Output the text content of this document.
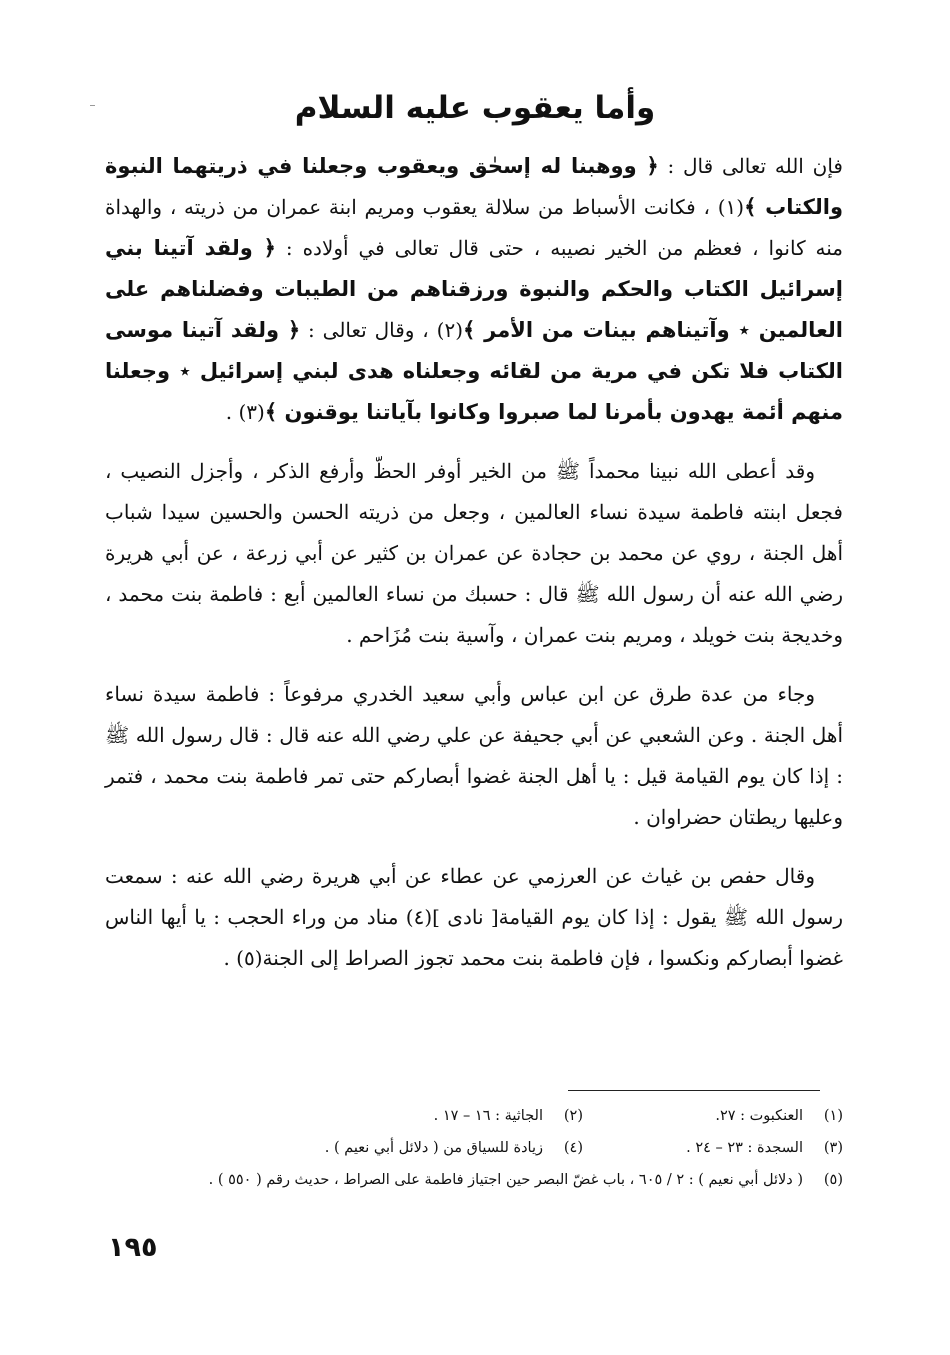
وأما يعقوب عليه السلام

فإن الله تعالى قال : ﴿ ووهبنا له إسحٰق ويعقوب وجعلنا في ذريتهما النبوة والكتاب ﴾(١) ، فكانت الأسباط من سلالة يعقوب ومريم ابنة عمران من ذريته ، والهداة منه كانوا ، فعظم من الخير نصيبه ، حتى قال تعالى في أولاده : ﴿ ولقد آتينا بني إسرائيل الكتاب والحكم والنبوة ورزقناهم من الطيبات وفضلناهم على العالمين ٭ وآتيناهم بينات من الأمر ﴾(٢) ، وقال تعالى : ﴿ ولقد آتينا موسى الكتاب فلا تكن في مرية من لقائه وجعلناه هدى لبني إسرائيل ٭ وجعلنا منهم أئمة يهدون بأمرنا لما صبروا وكانوا بآياتنا يوقنون ﴾(٣) .

وقد أعطى الله نبينا محمداً ﷺ من الخير أوفر الحظّ وأرفع الذكر ، وأجزل النصيب ، فجعل ابنته فاطمة سيدة نساء العالمين ، وجعل من ذريته الحسن والحسين سيدا شباب أهل الجنة ، روي عن محمد بن حجادة عن عمران بن كثير عن أبي زرعة ، عن أبي هريرة رضي الله عنه أن رسول الله ﷺ قال : حسبك من نساء العالمين أبع : فاطمة بنت محمد ، وخديجة بنت خويلد ، ومريم بنت عمران ، وآسية بنت مُزَاحم .

وجاء من عدة طرق عن ابن عباس وأبي سعيد الخدري مرفوعاً : فاطمة سيدة نساء أهل الجنة . وعن الشعبي عن أبي جحيفة عن علي رضي الله عنه قال : قال رسول الله ﷺ : إذا كان يوم القيامة قيل : يا أهل الجنة غضوا أبصاركم حتى تمر فاطمة بنت محمد ، فتمر وعليها ريطتان حضراوان .

وقال حفص بن غياث عن العرزمي عن عطاء عن أبي هريرة رضي الله عنه : سمعت رسول الله ﷺ يقول : إذا كان يوم القيامة[ نادى ](٤) مناد من وراء الحجب : يا أيها الناس غضوا أبصاركم ونكسوا ، فإن فاطمة بنت محمد تجوز الصراط إلى الجنة(٥) .

(١)
العنكبوت : ٢٧.
(٢)
الجاثية : ١٦ – ١٧ .
(٣)
السجدة : ٢٣ – ٢٤ .
(٤)
زيادة للسياق من ( دلائل أبي نعيم ) .
(٥)
( دلائل أبي نعيم ) : ٢ / ٦٠٥ ، باب غضّ البصر حين اجتياز فاطمة على الصراط ، حديث رقم ( ٥٥٠ ) .
١٩٥
